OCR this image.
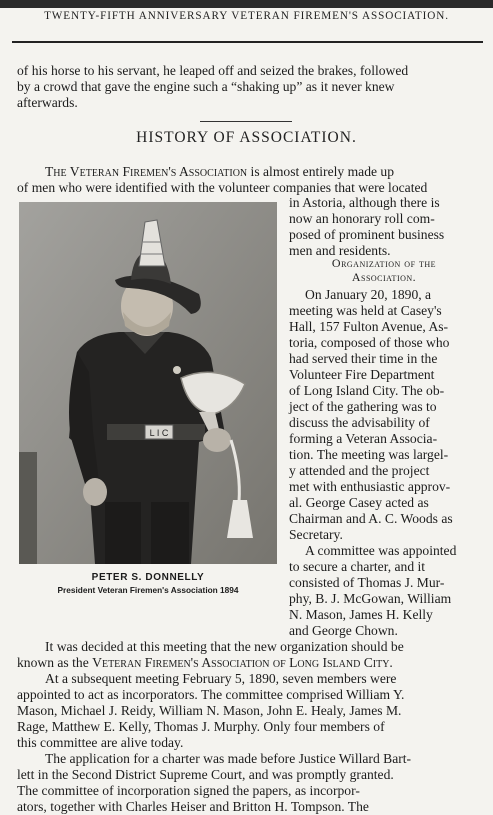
TWENTY-FIFTH ANNIVERSARY VETERAN FIREMEN'S ASSOCIATION.

of his horse to his servant, he leaped off and seized the brakes, followed

by a crowd that gave the engine such a “shaking up” as it never knew

afterwards.

HISTORY OF ASSOCIATION.

The Veteran Firemen's Association is almost entirely made up

of men who were identified with the volunteer companies that were located

L I C
PETER S. DONNELLY
President Veteran Firemen's Association 1894

in Astoria, although there is

now an honorary roll com-

posed of prominent business

men and residents.

Organization of the
Association.

On January 20, 1890, a

meeting was held at Casey's

Hall, 157 Fulton Avenue, As-

toria, composed of those who

had served their time in the

Volunteer Fire Department

of Long Island City. The ob-

ject of the gathering was to

discuss the advisability of

forming a Veteran Associa-

tion. The meeting was largel-

y attended and the project

met with enthusiastic approv-

al. George Casey acted as

Chairman and A. C. Woods as

Secretary.

A committee was appointed

to secure a charter, and it

consisted of Thomas J. Mur-

phy, B. J. McGowan, William

N. Mason, James H. Kelly

and George Chown.

It was decided at this meeting that the new organization should be

known as the Veteran Firemen's Association of Long Island City.

At a subsequent meeting February 5, 1890, seven members were

appointed to act as incorporators. The committee comprised William Y.

Mason, Michael J. Reidy, William N. Mason, John E. Healy, James M.

Rage, Matthew E. Kelly, Thomas J. Murphy. Only four members of

this committee are alive today.

The application for a charter was made before Justice Willard Bart-

lett in the Second District Supreme Court, and was promptly granted.

The committee of incorporation signed the papers, as incorpor-

ators, together with Charles Heiser and Britton H. Tompson. The
